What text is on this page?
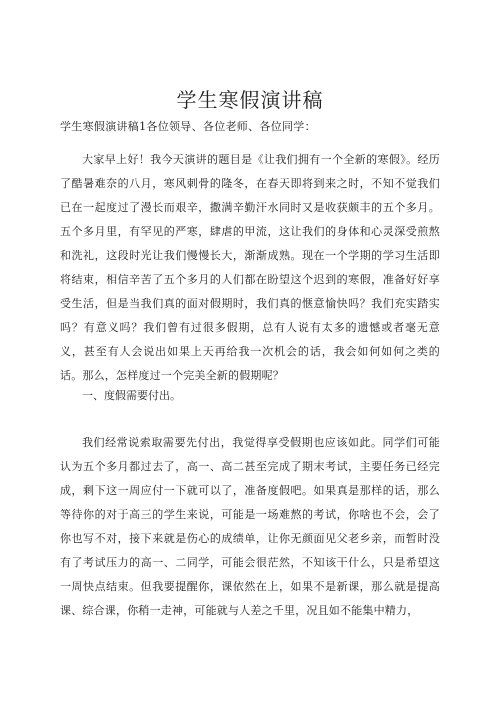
学生寒假演讲稿

学生寒假演讲稿1各位领导、各位老师、各位同学：

大家早上好！我今天演讲的题目是《让我们拥有一个全新的寒假》。经历了酷暑难奈的八月，寒风刺骨的隆冬，在春天即将到来之时，不知不觉我们已在一起度过了漫长而艰辛，撒满辛勤汗水同时又是收获颇丰的五个多月。五个多月里，有罕见的严寒，肆虐的甲流，这让我们的身体和心灵深受煎熬和洗礼，这段时光让我们慢慢长大，渐渐成熟。现在一个学期的学习生活即将结束，相信辛苦了五个多月的人们都在盼望这个迟到的寒假，准备好好享受生活，但是当我们真的面对假期时，我们真的惬意愉快吗？我们充实踏实吗？有意义吗？我们曾有过很多假期，总有人说有太多的遗憾或者毫无意义，甚至有人会说出如果上天再给我一次机会的话，我会如何如何之类的话。那么，怎样度过一个完美全新的假期呢？

一、度假需要付出。

我们经常说索取需要先付出，我觉得享受假期也应该如此。同学们可能认为五个多月都过去了，高一、高二甚至完成了期末考试，主要任务已经完成，剩下这一周应付一下就可以了，准备度假吧。如果真是那样的话，那么等待你的对于高三的学生来说，可能是一场难熬的考试，你啥也不会，会了你也写不对，接下来就是伤心的成绩单，让你无颜面见父老乡亲，而暂时没有了考试压力的高一、二同学，可能会很茫然，不知该干什么，只是希望这一周快点结束。但我要提醒你，课依然在上，如果不是新课，那么就是提高课、综合课，你稍一走神，可能就与人差之千里，况且如不能集中精力，
